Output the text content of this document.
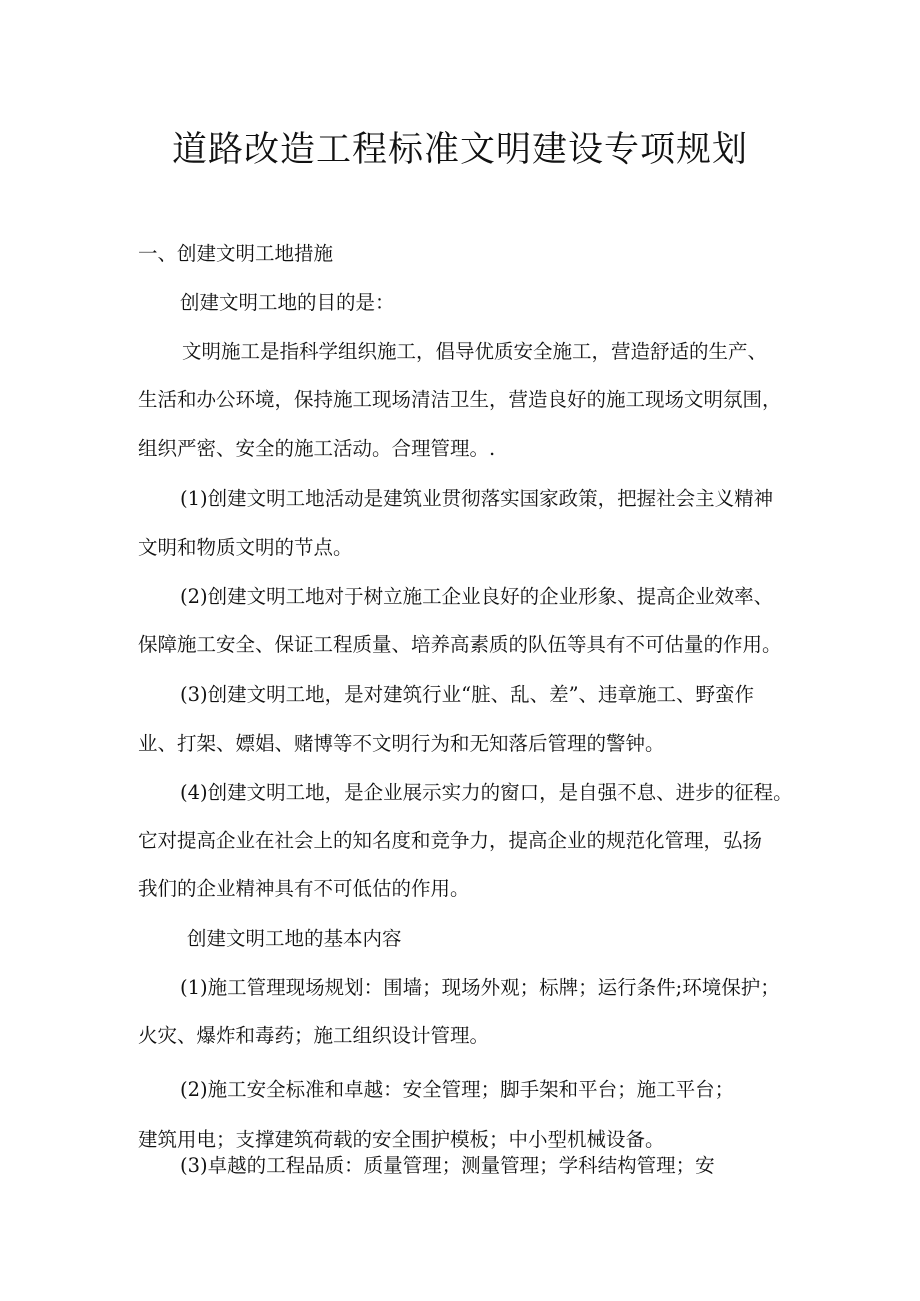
道路改造工程标准文明建设专项规划
一、创建文明工地措施
创建文明工地的目的是：
文明施工是指科学组织施工，倡导优质安全施工，营造舒适的生产、
生活和办公环境，保持施工现场清洁卫生，营造良好的施工现场文明氛围，
组织严密、安全的施工活动。合理管理。.
(1)创建文明工地活动是建筑业贯彻落实国家政策，把握社会主义精神
文明和物质文明的节点。
(2)创建文明工地对于树立施工企业良好的企业形象、提高企业效率、
保障施工安全、保证工程质量、培养高素质的队伍等具有不可估量的作用。
(3)创建文明工地，是对建筑行业“脏、乱、差”、违章施工、野蛮作
业、打架、嫖娼、赌博等不文明行为和无知落后管理的警钟。
(4)创建文明工地，是企业展示实力的窗口，是自强不息、进步的征程。
它对提高企业在社会上的知名度和竞争力，提高企业的规范化管理，弘扬
我们的企业精神具有不可低估的作用。
创建文明工地的基本内容
(1)施工管理现场规划：围墙；现场外观；标牌；运行条件;环境保护；
火灾、爆炸和毒药；施工组织设计管理。
(2)施工安全标准和卓越：安全管理；脚手架和平台；施工平台；
建筑用电；支撑建筑荷载的安全围护模板；中小型机械设备。
(3)卓越的工程品质：质量管理；测量管理；学科结构管理；安
